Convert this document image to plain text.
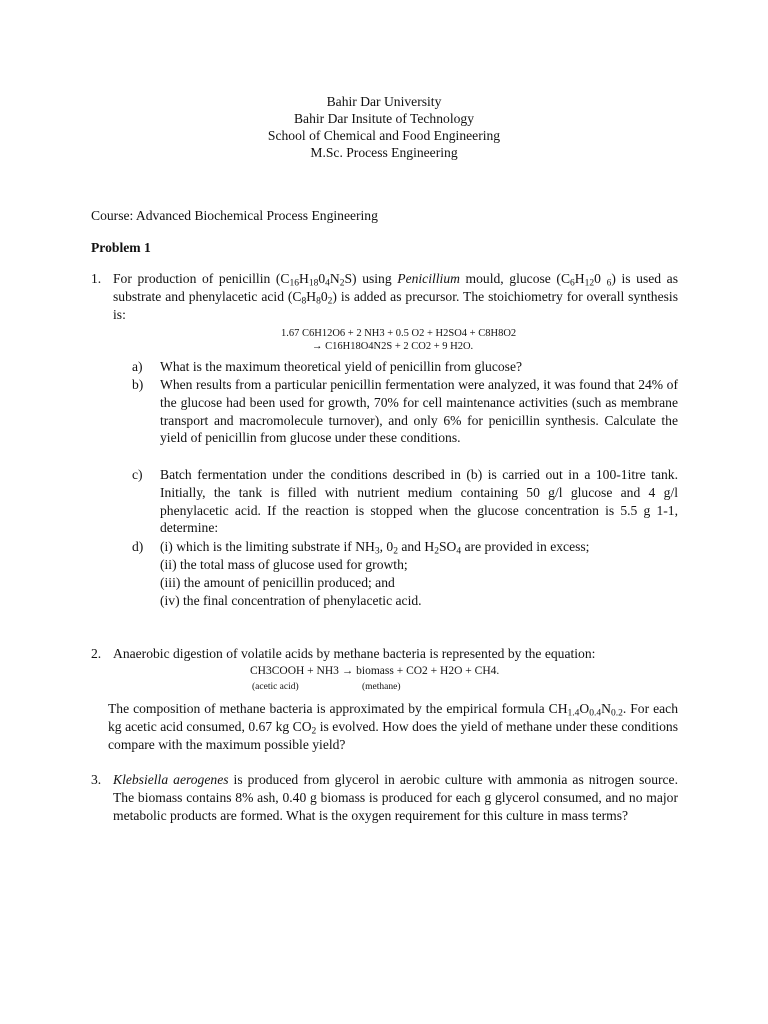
Bahir Dar University
Bahir Dar Insitute of Technology
School of Chemical and Food Engineering
M.Sc. Process Engineering
Course: Advanced Biochemical Process Engineering
Problem 1
1. For production of penicillin $(C_{16}H_{18}0_4N_2S)$ using Penicillium mould, glucose ($C_6H_{12}0$ $_6$) is used as substrate and phenylacetic acid $(C_8H_80_2)$ is added as precursor. The stoichiometry for overall synthesis is:
1.67 C6H12O6 + 2 NH3 + 0.5 O2 + H2SO4 + C8H8O2
→ C16H18O4N2S + 2 CO2 + 9 H2O.
a)	What is the maximum theoretical yield of penicillin from glucose?
b)	When results from a particular penicillin fermentation were analyzed, it was found that 24% of the glucose had been used for growth, 70% for cell maintenance activities (such as membrane transport and macromolecule turnover), and only 6% for penicillin synthesis. Calculate the yield of penicillin from glucose under these conditions.
c)	Batch fermentation under the conditions described in (b) is carried out in a 100-1itre tank. Initially, the tank is filled with nutrient medium containing 50 g/l glucose and 4 g/l phenylacetic acid. If the reaction is stopped when the glucose concentration is 5.5 g 1-1, determine:
d)	(i) which is the limiting substrate if $NH_3$, $0_2$ and $H_2SO_4$ are provided in excess;
(ii) the total mass of glucose used for growth;
(iii) the amount of penicillin produced; and
(iv) the final concentration of phenylacetic acid.
2. Anaerobic digestion of volatile acids by methane bacteria is represented by the equation:
CH3COOH + NH3 → biomass + CO2 + H2O + CH4.
(acetic acid)	(methane)
The composition of methane bacteria is approximated by the empirical formula $CH_{1.4}O_{0.4}N_{0.2}$. For each kg acetic acid consumed, 0.67 kg $CO_2$ is evolved. How does the yield of methane under these conditions compare with the maximum possible yield?
3. Klebsiella aerogenes is produced from glycerol in aerobic culture with ammonia as nitrogen source. The biomass contains 8% ash, 0.40 g biomass is produced for each g glycerol consumed, and no major metabolic products are formed. What is the oxygen requirement for this culture in mass terms?
